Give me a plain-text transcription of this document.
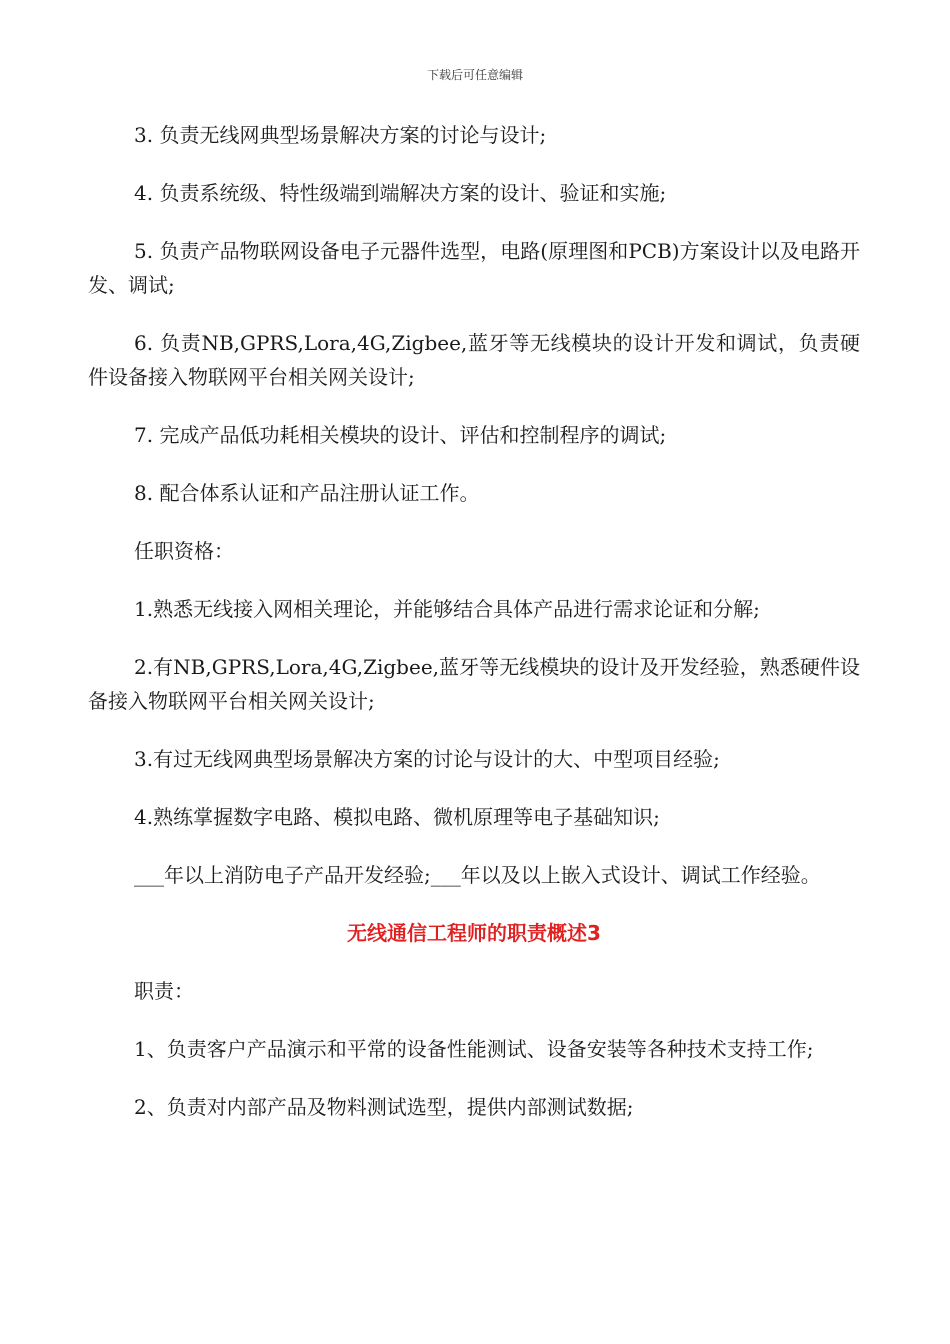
下载后可任意编辑

3. 负责无线网典型场景解决方案的讨论与设计;

4. 负责系统级、特性级端到端解决方案的设计、验证和实施;

5. 负责产品物联网设备电子元器件选型，电路(原理图和PCB)方案设计以及电路开发、调试;

6. 负责NB,GPRS,Lora,4G,Zigbee,蓝牙等无线模块的设计开发和调试，负责硬件设备接入物联网平台相关网关设计;

7. 完成产品低功耗相关模块的设计、评估和控制程序的调试;

8. 配合体系认证和产品注册认证工作。

任职资格：

1.熟悉无线接入网相关理论，并能够结合具体产品进行需求论证和分解;

2.有NB,GPRS,Lora,4G,Zigbee,蓝牙等无线模块的设计及开发经验，熟悉硬件设备接入物联网平台相关网关设计;

3.有过无线网典型场景解决方案的讨论与设计的大、中型项目经验;

4.熟练掌握数字电路、模拟电路、微机原理等电子基础知识;

___年以上消防电子产品开发经验;___年以及以上嵌入式设计、调试工作经验。

无线通信工程师的职责概述3

职责：

1、负责客户产品演示和平常的设备性能测试、设备安装等各种技术支持工作;

2、负责对内部产品及物料测试选型，提供内部测试数据;
